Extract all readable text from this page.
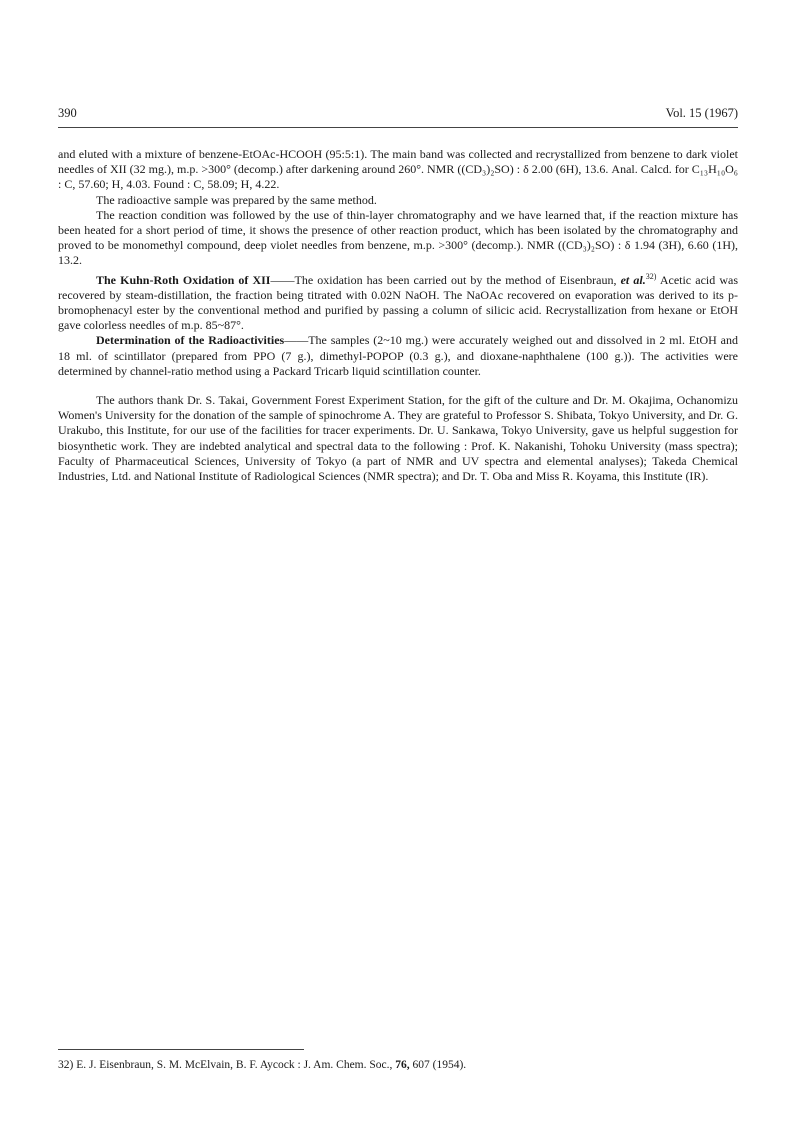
390	Vol. 15 (1967)

and eluted with a mixture of benzene-EtOAc-HCOOH (95:5:1). The main band was collected and recrystallized from benzene to dark violet needles of XII (32 mg.), m.p. >300° (decomp.) after darkening around 260°. NMR ((CD₃)₂SO) : δ 2.00 (6H), 13.6. Anal. Calcd. for C₁₃H₁₀O₆ : C, 57.60; H, 4.03. Found : C, 58.09; H, 4.22.

The radioactive sample was prepared by the same method.

The reaction condition was followed by the use of thin-layer chromatography and we have learned that, if the reaction mixture has been heated for a short period of time, it shows the presence of other reaction product, which has been isolated by the chromatography and proved to be monomethyl compound, deep violet needles from benzene, m.p. >300° (decomp.). NMR ((CD₃)₂SO) : δ 1.94 (3H), 6.60 (1H), 13.2.

The Kuhn-Roth Oxidation of XII——The oxidation has been carried out by the method of Eisenbraun, et al.$^{32)}$ Acetic acid was recovered by steam-distillation, the fraction being titrated with 0.02N NaOH. The NaOAc recovered on evaporation was derived to its p-bromophenacyl ester by the conventional method and purified by passing a column of silicic acid. Recrystallization from hexane or EtOH gave colorless needles of m.p. 85~87°.

Determination of the Radioactivities——The samples (2~10 mg.) were accurately weighed out and dissolved in 2 ml. EtOH and 18 ml. of scintillator (prepared from PPO (7 g.), dimethyl-POPOP (0.3 g.), and dioxane-naphthalene (100 g.)). The activities were determined by channel-ratio method using a Packard Tricarb liquid scintillation counter.

The authors thank Dr. S. Takai, Government Forest Experiment Station, for the gift of the culture and Dr. M. Okajima, Ochanomizu Women's University for the donation of the sample of spinochrome A. They are grateful to Professor S. Shibata, Tokyo University, and Dr. G. Urakubo, this Institute, for our use of the facilities for tracer experiments. Dr. U. Sankawa, Tokyo University, gave us helpful suggestion for biosynthetic work. They are indebted analytical and spectral data to the following : Prof. K. Nakanishi, Tohoku University (mass spectra); Faculty of Pharmaceutical Sciences, University of Tokyo (a part of NMR and UV spectra and elemental analyses); Takeda Chemical Industries, Ltd. and National Institute of Radiological Sciences (NMR spectra); and Dr. T. Oba and Miss R. Koyama, this Institute (IR).

32) E. J. Eisenbraun, S. M. McElvain, B. F. Aycock : J. Am. Chem. Soc., 76, 607 (1954).
